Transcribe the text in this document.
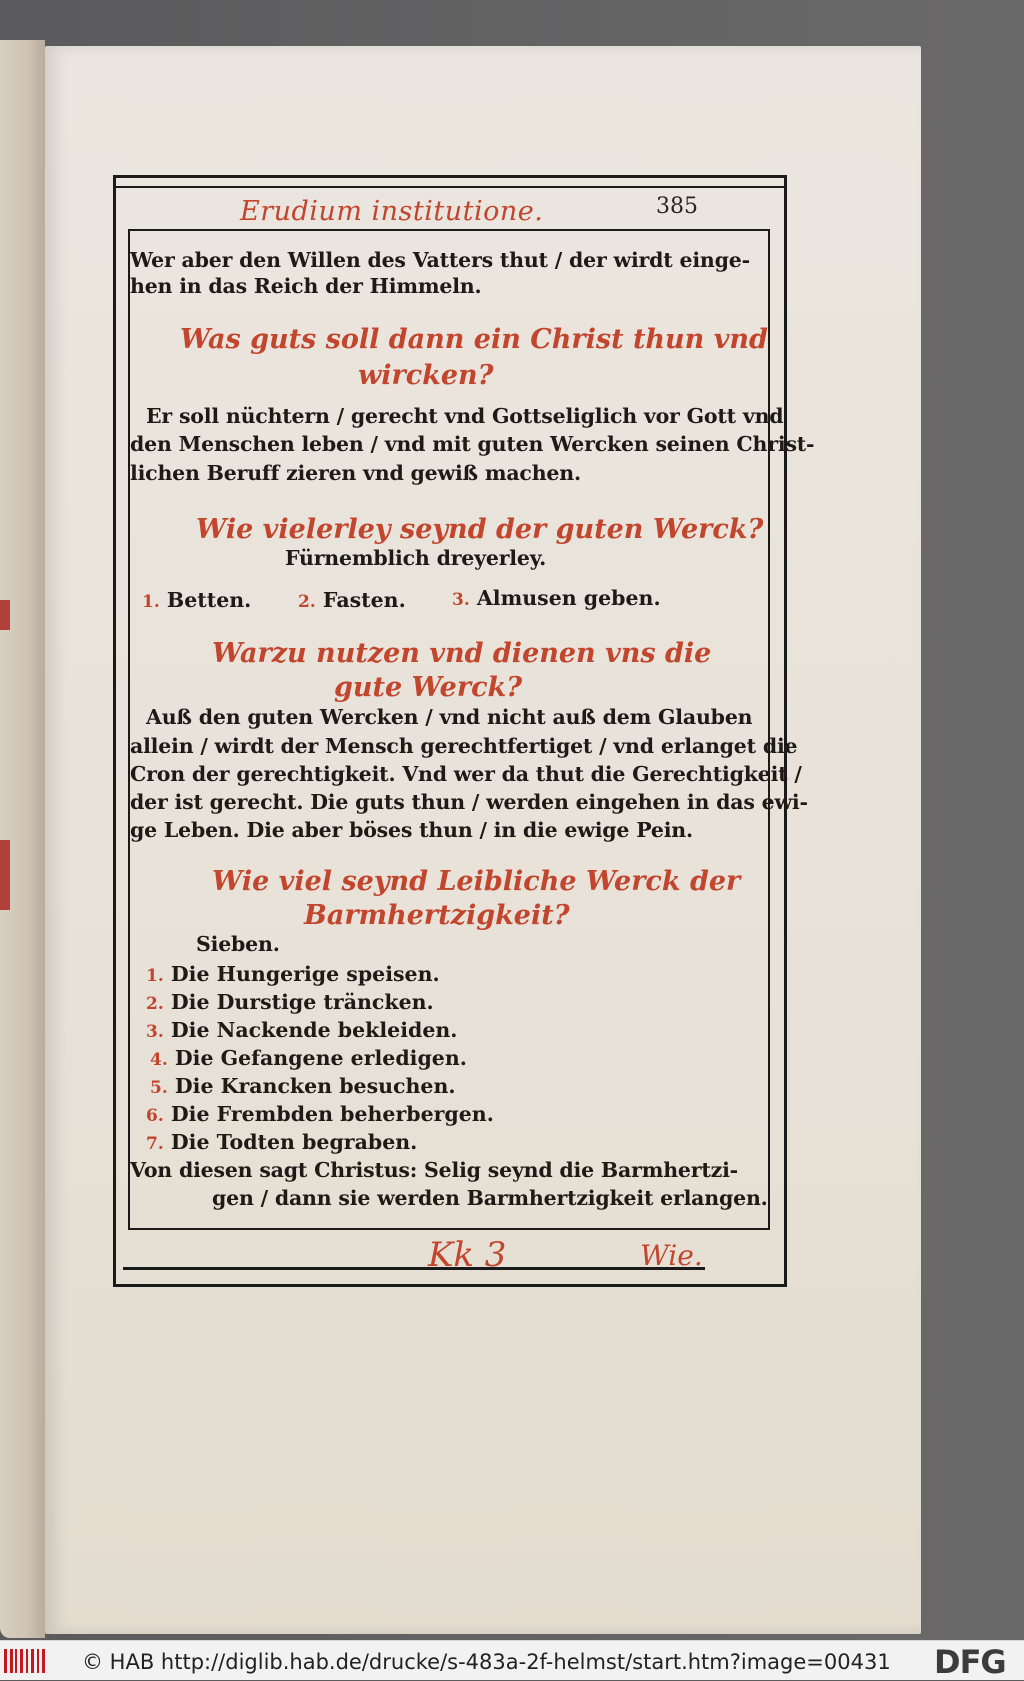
Erudium institutione.	385
Wer aber den Willen des Vatters thut / der wirdt einge-
hen in das Reich der Himmeln.
Was guts soll dann ein Christ thun vnd
wircken?
Er soll nüchtern / gerecht vnd Gottseliglich vor Gott vnd
den Menschen leben / vnd mit guten Wercken seinen Christ-
lichen Beruff zieren vnd gewiß machen.
Wie vielerley seynd der guten Werck?
Fürnemblich dreyerley.
1. Betten.	2. Fasten.	3. Almusen geben.
Warzu nutzen vnd dienen vns die
gute Werck?
Auß den guten Wercken / vnd nicht auß dem Glauben
allein / wirdt der Mensch gerechtfertiget / vnd erlanget die
Cron der gerechtigkeit. Vnd wer da thut die Gerechtigkeit /
der ist gerecht. Die guts thun / werden eingehen in das ewi-
ge Leben. Die aber böses thun / in die ewige Pein.
Wie viel seynd Leibliche Werck der
Barmhertzigkeit?
Sieben.
1. Die Hungerige speisen.
2. Die Durstige träncken.
3. Die Nackende bekleiden.
4. Die Gefangene erledigen.
5. Die Krancken besuchen.
6. Die Frembden beherbergen.
7. Die Todten begraben.
Von diesen sagt Christus: Selig seynd die Barmhertzi-
gen / dann sie werden Barmhertzigkeit erlangen.
Kk 3	Wie.
© HAB http://diglib.hab.de/drucke/s-483a-2f-helmst/start.htm?image=00431 DFG
